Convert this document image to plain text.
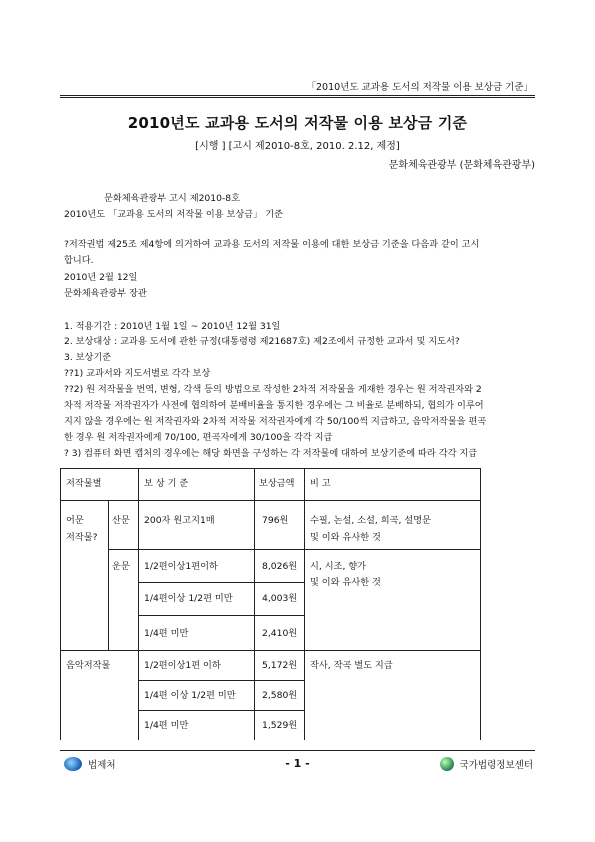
「2010년도 교과용 도서의 저작물 이용 보상금 기준」
2010년도 교과용 도서의 저작물 이용 보상금 기준
[시행 ] [고시 제2010-8호, 2010. 2.12, 제정]
문화체육관광부 (문화체육관광부)
문화체육관광부 고시 제2010-8호
2010년도 「교과용 도서의 저작물 이용 보상금」 기준
?저작권법 제25조 제4항에 의거하여 교과용 도서의 저작물 이용에 대한 보상금 기준을 다음과 같이 고시
합니다.
2010년 2월 12일
문화체육관광부 장관
1. 적용기간 : 2010년 1월 1일 ~ 2010년 12월 31일
2. 보상대상 : 교과용 도서에 관한 규정(대통령령 제21687호) 제2조에서 규정한 교과서 및 지도서?
3. 보상기준
??1) 교과서와 지도서별로 각각 보상
??2) 원 저작물을 번역, 변형, 각색 등의 방법으로 작성한 2차적 저작물을 게재한 경우는 원 저작권자와 2
차적 저작물 저작권자가 사전에 협의하여 분배비율을 통지한 경우에는 그 비율로 분배하되, 협의가 이루어
지지 않을 경우에는 원 저작권자와 2차적 저작물 저작권자에게 각 50/100씩 지급하고, 음악저작물을 편곡
한 경우 원 저작권자에게 70/100, 편곡자에게 30/100을 각각 지급
? 3) 컴퓨터 화면 캡처의 경우에는 해당 화면을 구성하는 각 저작물에 대하여 보상기준에 따라 각각 지급
저작물별	보 상 기 준	보상금액 비 고
어문
저작물?
산문 200자 원고지1매	796원 수필, 논설, 소설, 희곡, 설명문
및 이와 유사한 것
운문 1/2편이상1편이하	8,026원 시, 시조, 향가
및 이와 유사한 것
1/4편이상 1/2편 미만	4,003원
1/4편 미만	2,410원
음악저작물	1/2편이상1편 이하	5,172원 작사, 작곡 별도 지급
1/4편 이상 1/2편 미만	2,580원
1/4편 미만	1,529원
법제처	- 1 -	국가법령정보센터
